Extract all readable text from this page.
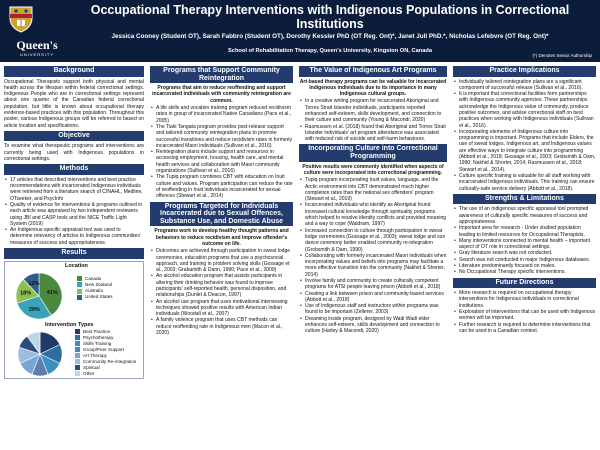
Queen's
UNIVERSITY
Occupational Therapy Interventions with Indigenous Populations in Correctional Institutions
Jessica Cooney (Student OT), Sarah Fabbro (Student OT), Dorothy Kessler PhD (OT Reg. Ont)*, Janet Jull PhD.*, Nicholas Lefebvre (OT Reg. Ont)*
School of Rehabilitation Therapy, Queen's University, Kingston ON, Canada
(*) Denotes Senior Authorship
Background
Occupational Therapists support both physical and mental health across the lifespan within federal correctional settings. Indigenous People who are in correctional settings represent about one quarter of the Canadian federal correctional population, but little is known about occupational therapy evidence-based practices with this population. Throughout this poster, various Indigenous groups will be referred to based on article location and specifications.
Objective
To examine what therapeutic programs and interventions are currently being used with Indigenous populations in correctional settings.
Methods
• 17 articles that described interventions and best practice recommendations with incarcerated Indigenous individuals were retrieved from a literature search of CINAHL, Medline, OTseeker, and PsycInfo
• Quality of evidence for interventions & programs outlined in each article was appraised by two independent reviewers using JBI and CASP tools and the NICE Traffic Light System (2019)
• An Indigenous-specific appraisal tool was used to determine relevancy of articles to Indigenous communities' measures of success and appropriateness.
Results
Location
41%
29%
18%
12%
Canada
New Zealand
Australia
United States
Intervention Types
Best Practice
Psychotherapy
Skills Training
Group/Peer Support
Art Therapy
Community Re-integration
Spiritual
Other
Programs that Support Community Reintegration
Programs that aim to reduce reoffending and support incarcerated individuals with community reintegration are common.
• A life skills and vocation training program reduced recidivism rates in group of incarcerated Native Canadians (Pace et al., 2005)
• The Tiaki Tangata program provides post-release support and tailored community reintegration plans to promote successful transitions and reduce recidivism rates in formerly incarcerated Maori individuals (Sullivan et al., 2016)
• Reintegration plans include support and resources in accessing employment, housing, health care, and mental health services and collaboration with Maori community organizations (Sullivan et al., 2016)
• The Tupiq program combines CBT with education on Inuit culture and values. Program participation can reduce the rate of reoffending in Inuit individuals incarcerated for sexual offences (Stewart et al., 2014)
Programs Targeted for Individuals Incarcerated due to Sexual Offences, Substance Use, and Domestic Abuse
Programs work to develop healthy thought patterns and behaviors to reduce recidivism and improve offender's outcome on life.
• Outcomes are achieved through participation in sweat lodge ceremonies, education programs that use a psychosocial approach, and training in problem solving skills (Gossage et al., 2003; Grabamith & Dann, 1990; Pace et al., 2009)
• An alcohol education program that assists participants in altering their drinking behavior was found to improve participants' self-reported health, personal disposition, and relationships (Dunlet & Deacon, 1997)
• An alcohol use program that uses motivational interviewing techniques showed positive results with American Indian individuals (Woodall et al., 2007)
• A family violence program that uses CBT methods can reduce reoffending rate in Indigenous men (Macon et al., 2020)
The Value of Indigenous Art Programs
Art-based therapy programs can be valuable for incarcerated Indigenous individuals due to its importance in many Indigenous cultural groups.
• In a creative writing program for incarcerated Aboriginal and Torres Strait Islander individuals, participants reported enhanced self-esteem, skills development, and connection to their culture and community (Young & Macondi, 2020)
• Rasmussen et al. (2018) found that Aboriginal and Torres Strait Islander individuals' art program attendance was associated with reduced risk of suicide and self-harm behaviours.
Incorporating Culture into Correctional Programming
Positive results were commonly identified when aspects of culture were incorporated into correctional programming.
• Tupiq program incorporating Inuit values, language, and the Arctic environment into CBT demonstrated much higher completion rates than the national sex offenders' program (Stewart et al., 2019)
• Incarcerated individuals who identify as Aboriginal found increased cultural knowledge through spirituality programs which helped to resolve identity conflicts and provided meaning and a way to cope (Waldram, 1997)
• Increased connection to culture through participation in sweat lodge ceremonies (Gossage et al., 2003); sweat lodge and sun dance ceremony better enabled community re-integration (Grobsmith & Dam, 1990)
• Collaborating with formerly incarcerated Maori individuals when incorporating values and beliefs into programs may facilitate a more effective transition into the community (Nakhid & Shorter, 2014)
• Involve family and community to create culturally competent programs for ATSI people leaving prison (Abbott et al., 2018)
• Creating a link between prison and community-based services (Abbott et al., 2018)
• Use of Indigenous staff and instructors within programs was found to be important (Zellerer, 2003)
• Dreaming inside program, designed by Wadi Wadi elder enhances self-esteem, skills development and connection to culture (Harley & Macondi, 2020)
Practice Implications
• Individually tailored reintegration plans are a significant component of successful release (Sullivan et al., 2016).
• It is important that correctional facilities form partnerships with Indigenous community agencies. These partnerships acknowledge the Indigenous value of community, produce positive outcomes, and advise correctional staff on best practices when working with Indigenous individuals (Sullivan et al., 2016).
• Incorporating elements of Indigenous culture into programming is important. Programs that include Elders, the use of sweat lodges, Indigenous art, and Indigenous values are effective ways to integrate culture into programming (Abbott et al., 2018; Gossage et al., 2003; Grobsmith & Dam, 1990; Nakhid & Shorter, 2014; Rasmussen et al., 2018; Stewart et al., 2014).
• Culture specific training is valuable for all staff working with incarcerated Indigenous individuals. This training can ensure culturally-safe service delivery (Abbott et al., 2018).
Strengths & Limitations
• The use of an Indigenous specific appraisal tool prompted awareness of culturally specific measures of success and appropriateness.
• Important area for research - Under studied population leading to limited resources for Occupational Therapists.
• Many interventions connected to mental health – important aspect of OT role in correctional settings.
• Gray literature search was not conducted.
• Search was not conducted in major Indigenous databases.
• Literature predominantly focused on males.
• No Occupational Therapy specific interventions.
Future Directions
• More research is required on occupational therapy interventions for Indigenous individuals in correctional institutions.
• Exploration of interventions that can be used with Indigenous women will be important.
• Further research is required to determine interventions that can be used in a Canadian context.
